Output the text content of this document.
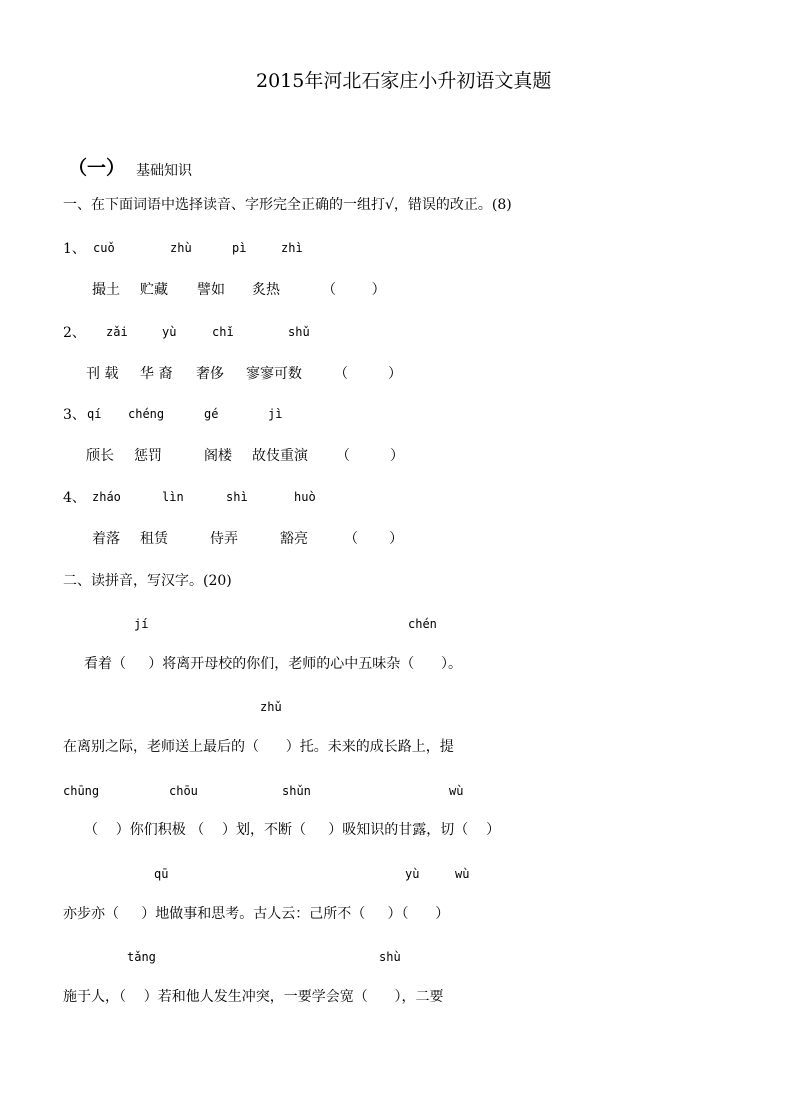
2015年河北石家庄小升初语文真题
（一） 基础知识
一、在下面词语中选择读音、字形完全正确的一组打√，错误的改正。(8)
1、 cuǒ	zhù	pì	zhì
撮土 贮藏 譬如 炙热	（        ）
2、 zǎi	yù	chǐ	shǔ
刊 载 华 裔 奢侈 寥寥可数 （         ）
3、 qí chéng	gé	jì
颀长 惩罚	阁楼 故伎重演 （         ）
4、 zháo	lìn	shì	huò
着落 租赁	侍弄	豁亮	（       ）
二、读拼音，写汉字。(20)
jí	chén
看着（     ）将离开母校的你们，老师的心中五味杂（      ）。
zhǔ
在离别之际，老师送上最后的（      ）托。未来的成长路上，提
chūng	chōu	shǔn	wù
（    ）你们积极 （    ）划，不断（     ）吸知识的甘露，切（    ）
qū	yù	wù
亦步亦（     ）地做事和思考。古人云：己所不（     ）（      ）
tǎng	shù
施于人，（    ）若和他人发生冲突，一要学会宽（      ），二要
